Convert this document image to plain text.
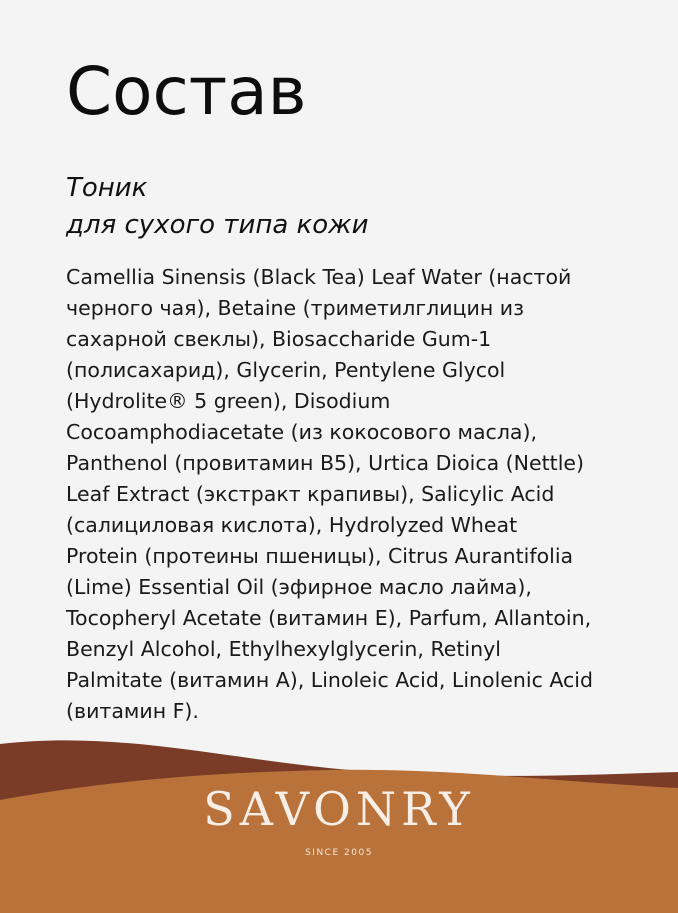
Состав
Тоник
для сухого типа кожи
Camellia Sinensis (Black Tea) Leaf Water (настой
черного чая), Betaine (триметилглицин из
сахарной свеклы), Biosaccharide Gum-1
(полисахарид), Glycerin, Pentylene Glycol
(Hydrolite® 5 green), Disodium
Cocoamphodiacetate (из кокосового масла),
Panthenol (провитамин B5), Urtica Dioica (Nettle)
Leaf Extract (экстракт крапивы), Salicylic Acid
(салициловая кислота), Hydrolyzed Wheat
Protein (протеины пшеницы), Citrus Aurantifolia
(Lime) Essential Oil (эфирное масло лайма),
Tocopheryl Acetate (витамин E), Parfum, Allantoin,
Benzyl Alcohol, Ethylhexylglycerin, Retinyl
Palmitate (витамин A), Linoleic Acid, Linolenic Acid
(витамин F).
SAVONRY
SINCE 2005
